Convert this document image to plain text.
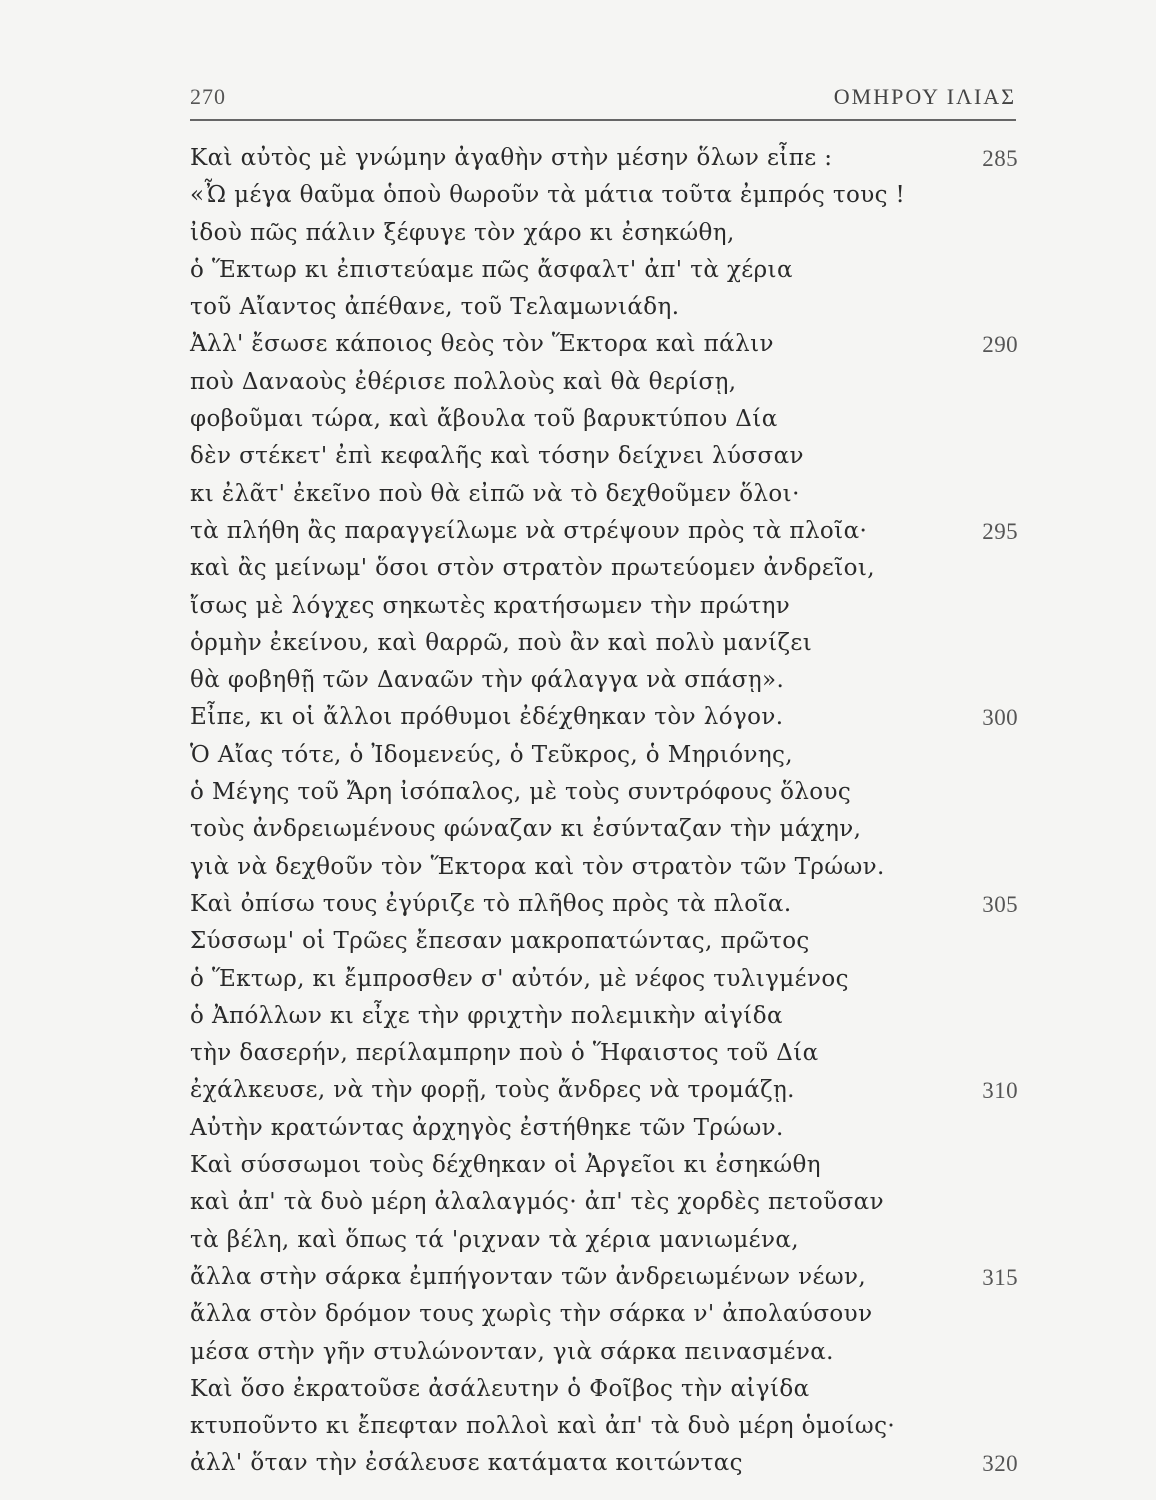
270	ΟΜΗΡΟΥ ΙΛΙΑΣ
Καὶ αὐτὸς μὲ γνώμην ἀγαθὴν στὴν μέσην ὅλων εἶπε :	285
«Ὦ μέγα θαῦμα ὁποὺ θωροῦν τὰ μάτια τοῦτα ἐμπρός τους !
ἰδοὺ πῶς πάλιν ξέφυγε τὸν χάρο κι ἐσηκώθη,
ὁ Ἕκτωρ κι ἐπιστεύαμε πῶς ἄσφαλτ' ἀπ' τὰ χέρια
τοῦ Αἴαντος ἀπέθανε, τοῦ Τελαμωνιάδη.
Ἀλλ' ἔσωσε κάποιος θεὸς τὸν Ἕκτορα καὶ πάλιν	290
ποὺ Δαναοὺς ἐθέρισε πολλοὺς καὶ θὰ θερίσῃ,
φοβοῦμαι τώρα, καὶ ἄβουλα τοῦ βαρυκτύπου Δία
δὲν στέκετ' ἐπὶ κεφαλῆς καὶ τόσην δείχνει λύσσαν
κι ἐλᾶτ' ἐκεῖνο ποὺ θὰ εἰπῶ νὰ τὸ δεχθοῦμεν ὅλοι·
τὰ πλήθη ἂς παραγγείλωμε νὰ στρέψουν πρὸς τὰ πλοῖα·	295
καὶ ἂς μείνωμ' ὅσοι στὸν στρατὸν πρωτεύομεν ἀνδρεῖοι,
ἴσως μὲ λόγχες σηκωτὲς κρατήσωμεν τὴν πρώτην
ὁρμὴν ἐκείνου, καὶ θαρρῶ, ποὺ ἂν καὶ πολὺ μανίζει
θὰ φοβηθῇ τῶν Δαναῶν τὴν φάλαγγα νὰ σπάσῃ».
Εἶπε, κι οἱ ἄλλοι πρόθυμοι ἐδέχθηκαν τὸν λόγον.	300
Ὁ Αἴας τότε, ὁ Ἰδομενεύς, ὁ Τεῦκρος, ὁ Μηριόνης,
ὁ Μέγης τοῦ Ἄρη ἰσόπαλος, μὲ τοὺς συντρόφους ὅλους
τοὺς ἀνδρειωμένους φώναζαν κι ἐσύνταζαν τὴν μάχην,
γιὰ νὰ δεχθοῦν τὸν Ἕκτορα καὶ τὸν στρατὸν τῶν Τρώων.
Καὶ ὀπίσω τους ἐγύριζε τὸ πλῆθος πρὸς τὰ πλοῖα.	305
Σύσσωμ' οἱ Τρῶες ἔπεσαν μακροπατώντας, πρῶτος
ὁ Ἕκτωρ, κι ἔμπροσθεν σ' αὐτόν, μὲ νέφος τυλιγμένος
ὁ Ἀπόλλων κι εἶχε τὴν φριχτὴν πολεμικὴν αἰγίδα
τὴν δασερήν, περίλαμπρην ποὺ ὁ Ἥφαιστος τοῦ Δία
ἐχάλκευσε, νὰ τὴν φορῇ, τοὺς ἄνδρες νὰ τρομάζῃ.	310
Αὐτὴν κρατώντας ἀρχηγὸς ἐστήθηκε τῶν Τρώων.
Καὶ σύσσωμοι τοὺς δέχθηκαν οἱ Ἀργεῖοι κι ἐσηκώθη
καὶ ἀπ' τὰ δυὸ μέρη ἀλαλαγμός· ἀπ' τὲς χορδὲς πετοῦσαν
τὰ βέλη, καὶ ὅπως τά 'ριχναν τὰ χέρια μανιωμένα,
ἄλλα στὴν σάρκα ἐμπήγονταν τῶν ἀνδρειωμένων νέων,	315
ἄλλα στὸν δρόμον τους χωρὶς τὴν σάρκα ν' ἀπολαύσουν
μέσα στὴν γῆν στυλώνονταν, γιὰ σάρκα πεινασμένα.
Καὶ ὅσο ἐκρατοῦσε ἀσάλευτην ὁ Φοῖβος τὴν αἰγίδα
κτυποῦντο κι ἔπεφταν πολλοὶ καὶ ἀπ' τὰ δυὸ μέρη ὁμοίως·
ἀλλ' ὅταν τὴν ἐσάλευσε κατάματα κοιτώντας	320
